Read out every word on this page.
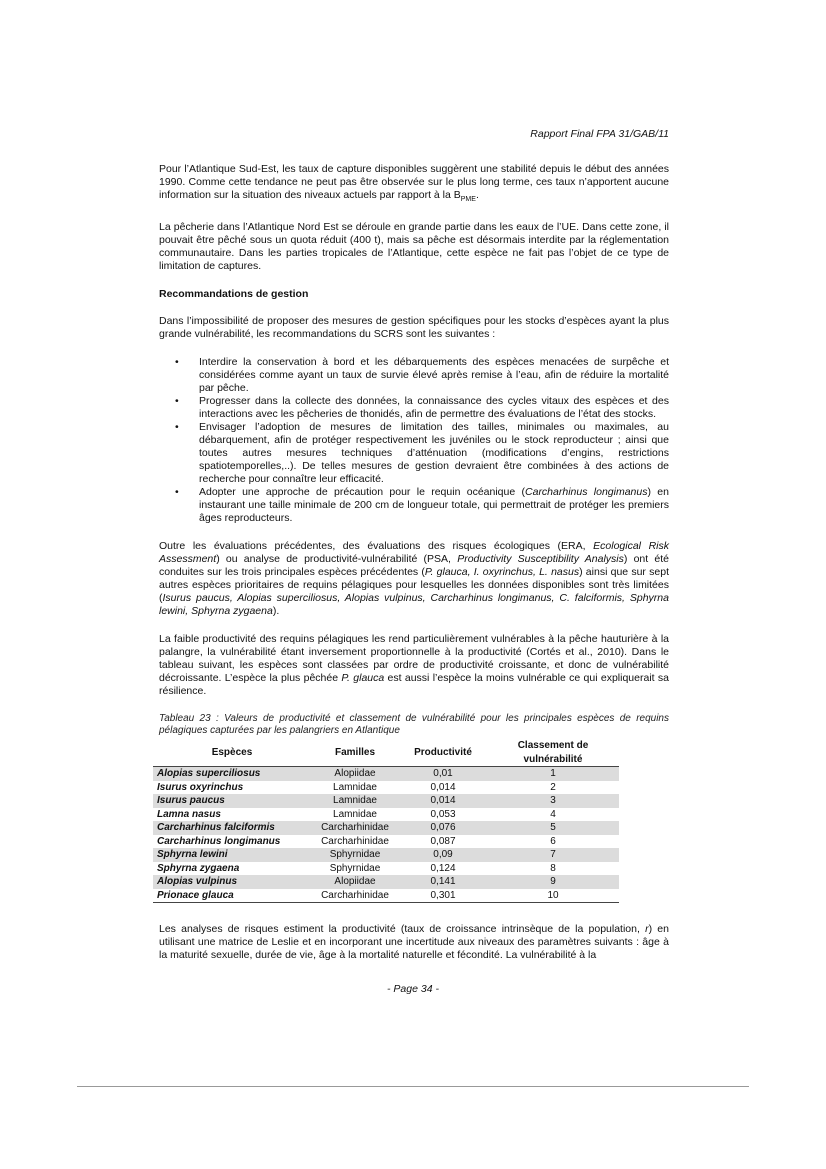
Rapport Final FPA 31/GAB/11

Pour l’Atlantique Sud-Est, les taux de capture disponibles suggèrent une stabilité depuis le début des années 1990. Comme cette tendance ne peut pas être observée sur le plus long terme, ces taux n’apportent aucune information sur la situation des niveaux actuels par rapport à la $B_{PME}$.

La pêcherie dans l’Atlantique Nord Est se déroule en grande partie dans les eaux de l’UE. Dans cette zone, il pouvait être pêché sous un quota réduit (400 t), mais sa pêche est désormais interdite par la réglementation communautaire. Dans les parties tropicales de l’Atlantique, cette espèce ne fait pas l’objet de ce type de limitation de captures.

Recommandations de gestion

Dans l’impossibilité de proposer des mesures de gestion spécifiques pour les stocks d’espèces ayant la plus grande vulnérabilité, les recommandations du SCRS sont les suivantes :

• Interdire la conservation à bord et les débarquements des espèces menacées de surpêche et considérées comme ayant un taux de survie élevé après remise à l’eau, afin de réduire la mortalité par pêche.
• Progresser dans la collecte des données, la connaissance des cycles vitaux des espèces et des interactions avec les pêcheries de thonidés, afin de permettre des évaluations de l’état des stocks.
• Envisager l’adoption de mesures de limitation des tailles, minimales ou maximales, au débarquement, afin de protéger respectivement les juvéniles ou le stock reproducteur ; ainsi que toutes autres mesures techniques d’atténuation (modifications d’engins, restrictions spatiotemporelles,..). De telles mesures de gestion devraient être combinées à des actions de recherche pour connaître leur efficacité.
• Adopter une approche de précaution pour le requin océanique (Carcharhinus longimanus) en instaurant une taille minimale de 200 cm de longueur totale, qui permettrait de protéger les premiers âges reproducteurs.

Outre les évaluations précédentes, des évaluations des risques écologiques (ERA, Ecological Risk Assessment) ou analyse de productivité-vulnérabilité (PSA, Productivity Susceptibility Analysis) ont été conduites sur les trois principales espèces précédentes (P. glauca, I. oxyrinchus, L. nasus) ainsi que sur sept autres espèces prioritaires de requins pélagiques pour lesquelles les données disponibles sont très limitées (Isurus paucus, Alopias superciliosus, Alopias vulpinus, Carcharhinus longimanus, C. falciformis, Sphyrna lewini, Sphyrna zygaena).

La faible productivité des requins pélagiques les rend particulièrement vulnérables à la pêche hauturière à la palangre, la vulnérabilité étant inversement proportionnelle à la productivité (Cortés et al., 2010). Dans le tableau suivant, les espèces sont classées par ordre de productivité croissante, et donc de vulnérabilité décroissante. L’espèce la plus pêchée P. glauca est aussi l’espèce la moins vulnérable ce qui expliquerait sa résilience.

Tableau 23 : Valeurs de productivité et classement de vulnérabilité pour les principales espèces de requins pélagiques capturées par les palangriers en Atlantique
Espèces	Familles	Productivité	Classement de vulnérabilité
Alopias superciliosus	Alopiidae	0,01	1
Isurus oxyrinchus	Lamnidae	0,014	2
Isurus paucus	Lamnidae	0,014	3
Lamna nasus	Lamnidae	0,053	4
Carcharhinus falciformis	Carcharhinidae	0,076	5
Carcharhinus longimanus	Carcharhinidae	0,087	6
Sphyrna lewini	Sphyrnidae	0,09	7
Sphyrna zygaena	Sphyrnidae	0,124	8
Alopias vulpinus	Alopiidae	0,141	9
Prionace glauca	Carcharhinidae	0,301	10

Les analyses de risques estiment la productivité (taux de croissance intrinsèque de la population, r) en utilisant une matrice de Leslie et en incorporant une incertitude aux niveaux des paramètres suivants : âge à la maturité sexuelle, durée de vie, âge à la mortalité naturelle et fécondité. La vulnérabilité à la

- Page 34 -
